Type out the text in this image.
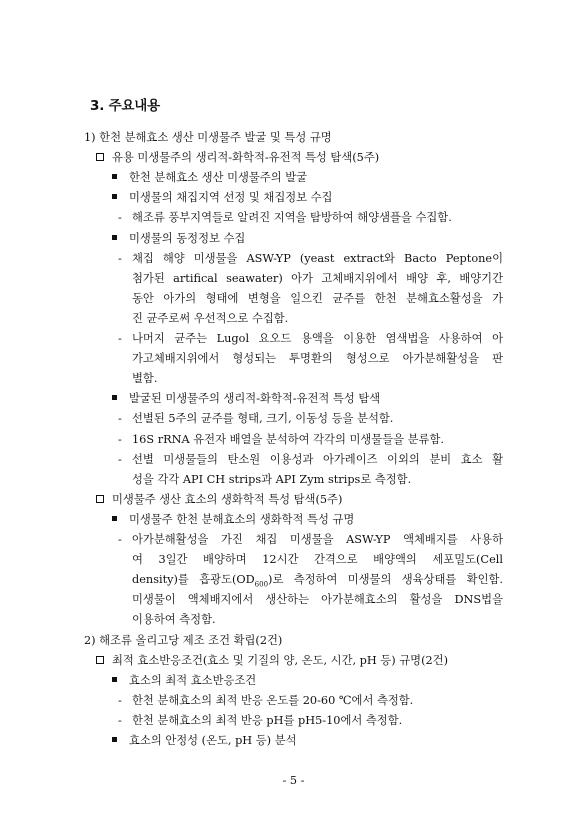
3. 주요내용
1) 한천 분해효소 생산 미생물주 발굴 및 특성 규명
유용 미생물주의 생리적-화학적-유전적 특성 탐색(5주)
한천 분해효소 생산 미생물주의 발굴
미생물의 채집지역 선정 및 채집정보 수집
- 해조류 풍부지역들로 알려진 지역을 탐방하여 해양샘플을 수집함.
미생물의 동정정보 수집
- 채집 해양 미생물을 ASW-YP (yeast extract와 Bacto Peptone이
첨가된 artifical seawater) 아가 고체배지위에서 배양 후, 배양기간
동안 아가의 형태에 변형을 일으킨 균주를 한천 분해효소활성을 가
진 균주로써 우선적으로 수집함.
- 나머지 균주는 Lugol 요오드 용액을 이용한 염색법을 사용하여 아
가고체배지위에서 형성되는 투명환의 형성으로 아가분해활성을 판
별함.
발굴된 미생물주의 생리적-화학적-유전적 특성 탐색
- 선별된 5주의 균주를 형태, 크기, 이동성 등을 분석함.
- 16S rRNA 유전자 배열을 분석하여 각각의 미생물들을 분류함.
- 선별 미생물들의 탄소원 이용성과 아가레이즈 이외의 분비 효소 활
성을 각각 API CH strips과 API Zym strips로 측정함.
미생물주 생산 효소의 생화학적 특성 탐색(5주)
미생물주 한천 분해효소의 생화학적 특성 규명
- 아가분해활성을 가진 채집 미생물을 ASW-YP 액체배지를 사용하
여 3일간 배양하며 12시간 간격으로 배양액의 세포밀도(Cell
density)를 흡광도$(OD_{600})$로 측정하여 미생물의 생육상태를 확인함.
미생물이 액체배지에서 생산하는 아가분해효소의 활성을 DNS법을
이용하여 측정함.
2) 해조류 올리고당 제조 조건 확립(2건)
최적 효소반응조건(효소 및 기질의 양, 온도, 시간, pH 등) 규명(2건)
효소의 최적 효소반응조건
- 한천 분해효소의 최적 반응 온도를 20-60 ℃에서 측정함.
- 한천 분해효소의 최적 반응 pH를 pH5-10에서 측정함.
효소의 안정성 (온도, pH 등) 분석
- 5 -
